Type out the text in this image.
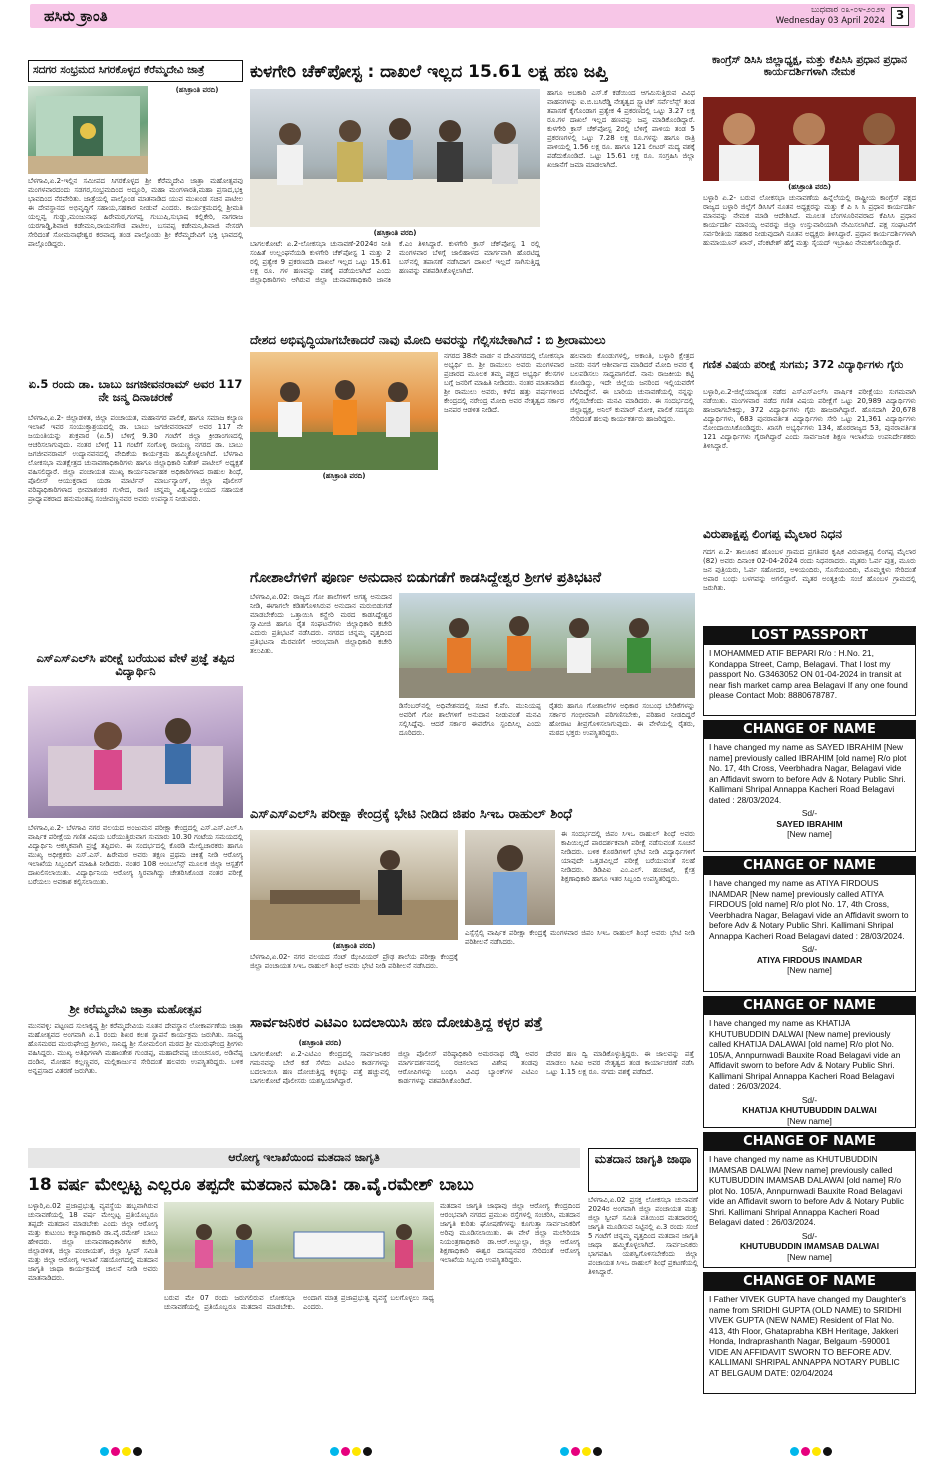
ಹಸಿರು ಕ್ರಾಂತಿ	ಬುಧವಾರ ೦೩-೦೪-೨೦೨೪
Wednesday 03 April 2024 3
ಸದಗರ ಸಂಭ್ರಮದ ಸಿಗರಕೊಳ್ಳದ ಕೆರೆಮ್ಮದೇವಿ ಜಾತ್ರೆ
(ಹಸಿಕ್ರಾಂತಿ ವರದಿ)
ಬೆಳಗಾವಿ,ಏ.2-ಇಲ್ಲಿನ ಸಮೀಪದ ಸಿಗರಕೊಳ್ಳದ ಶ್ರೀ ಕೆರೆಮ್ಮದೇವಿ ಜಾತ್ರಾ ಮಹೋತ್ಸವವು ಮಂಗಳವಾರದಂದು ಸಡಗರ,ಸಂಭ್ರಮದಿಂದ ಅದ್ದೂರಿ, ಮಹಾ ಮಂಗಳಾರತಿ,ಮಹಾ ಪ್ರಸಾದ,ಭಕ್ತಿ ಭಾವದಿಂದ ನೆರವೇರಿತು. ಜಾತ್ರೆಯಲ್ಲಿ ಪಾಲ್ಗೊಂಡ ಮಾತನಾಡಿದ ಯುವ ಮುಖಂಡ ಸಚಿನ ಪಾಟೀಲ ಈ ದೇವಸ್ಥಾನದ ಅಭಿವೃದ್ಧಿಗೆ ಸಹಾಯ,ಸಹಕಾರ ನೀಡುವೆ ಎಂದರು. ಕಾರ್ಯಕ್ರಮದಲ್ಲಿ ಶ್ರೀಮತಿ ಯಲ್ಲವ್ವ ಗುಡ್ಡು,ಮಂಜುನಾಥ ಹಿರೇಮಠ,ಗಂಗವ್ವ ಗುಬುಷಿ,ಸುಭಾಷ ಕಲ್ಲಿಕೇರಿ, ನಾಗರಾಜ ಯರಗಾಡ್ಡಿ,ಶಿವಾಜಿ ಕಡೇಮನಿ,ರಾಯನಗೌಡ ಪಾಟೀಲ, ಬಸವಪ್ಪ ಕಡೇಮನಿ,ಶಿವಾಜಿ ನೇಸರಗಿ ಸೇರಿದಂತೆ ಸೋಮನಾಥೇಶ್ವರ ಕರವಾದ್ಯ ತಂಡ ಪಾಲ್ಗೊಂಡು ಶ್ರೀ ಕೆರೆಮ್ಮದೇವಿಗೆ ಭಕ್ತಿ ಭಾವದಲ್ಲಿ ಪಾಲ್ಗೊಂಡಿದ್ದರು.
ಏ.5 ರಂದು ಡಾ. ಬಾಬು ಜಗಜೀವನರಾಮ್ ಅವರ 117 ನೇ ಜನ್ಮ ದಿನಾಚರಣೆ
ಬೆಳಗಾವಿ,ಏ.2- ಜಿಲ್ಲಾಡಳಿತ, ಜಿಲ್ಲಾ ಪಂಚಾಯತ, ಮಹಾನಗರ ಪಾಲಿಕೆ, ಹಾಗೂ ಸಮಾಜ ಕಲ್ಯಾಣ ಇಲಾಖೆ ಇವರ ಸಂಯುಕ್ತಾಶ್ರಯದಲ್ಲಿ ಡಾ. ಬಾಬು ಜಗಜೀವನರಾಮ್ ಅವರ 117 ನೇ ಜಯಂತಿಯನ್ನು ಶುಕ್ರವಾರ (ಏ.5) ಬೆಳಿಗ್ಗೆ 9.30 ಗಂಟೆಗೆ ಜಿಲ್ಲಾ ಕ್ರೀಡಾಂಗಣದಲ್ಲಿ ಆಚರಿಸಲಾಗುವುದು. ನಂತರ ಬೆಳಿಗ್ಗೆ 11 ಗಂಟೆಗೆ ಸಂಗೊಳ್ಳಿ ರಾಯಣ್ಣ ನಗರದ ಡಾ. ಬಾಬು ಜಗಜೀವನರಾಮ್ ಉದ್ಯಾನವನದಲ್ಲಿ ವೇದಿಕೆಯ ಕಾರ್ಯಕ್ರಮ ಹಮ್ಮಿಕೊಳ್ಳಲಾಗಿದೆ. ಬೆಳಗಾವಿ ಲೋಕಸಭಾ ಮತಕ್ಷೇತ್ರದ ಚುನಾವಣಾಧಿಕಾರಿಗಳು ಹಾಗೂ ಜಿಲ್ಲಾಧಿಕಾರಿ ನಿತೇಶ್ ಪಾಟೀಲ್ ಅಧ್ಯಕ್ಷತೆ ವಹಿಸಲಿದ್ದಾರೆ. ಜಿಲ್ಲಾ ಪಂಚಾಯತ ಮುಖ್ಯ ಕಾರ್ಯನಿರ್ವಾಹಕ ಅಧಿಕಾರಿಗಳಾದ ರಾಹುಲ ಶಿಂಧೆ, ಪೊಲೀಸ್ ಆಯುಕ್ತರಾದ ಯಡಾ ಮಾರ್ಟಿನ್ ಮಾರ್ಬನ್ಯಾಂಗ್, ಜಿಲ್ಲಾ ಪೊಲೀಸ್ ವರಿಷ್ಠಾಧಿಕಾರಿಗಳಾದ ಭೀಮಾಶಂಕರ ಗುಳೇದ, ರಾಣಿ ಚನ್ನಮ್ಮ ವಿಶ್ವವಿದ್ಯಾಲಯದ ಸಹಾಯಕ ಪ್ರಾಧ್ಯಾಪಕರಾದ ಹನುಮಂತಪ್ಪ ಸಂಜೀವಣ್ಣನವರ ಅವರು ಉಪನ್ಯಾಸ ನೀಡುವರು.
ಎಸ್‌ಎಸ್‌ಎಲ್‌ಸಿ ಪರೀಕ್ಷೆ ಬರೆಯುವ ವೇಳೆ ಪ್ರಜ್ಞೆ ತಪ್ಪಿದ ವಿದ್ಯಾರ್ಥಿನಿ
ಬೆಳಗಾವಿ,ಏ.2- ಬೆಳಗಾವಿ ನಗರ ವಲಯದ ಅಂಜುಮನ ಪರೀಕ್ಷಾ ಕೇಂದ್ರದಲ್ಲಿ ಎಸ್.ಎಸ್.ಎಲ್.ಸಿ ವಾರ್ಷಿಕ ಪರೀಕ್ಷೆಯ ಗಣಿತ ವಿಷಯ ಬರೆಯುತ್ತಿರುವಾಗ ಸುಮಾರು 10.30 ಗಂಟೆಯ ಸಮಯದಲ್ಲಿ ವಿದ್ಯಾರ್ಥಿನಿ ಆಕಸ್ಮಿಕವಾಗಿ ಪ್ರಜ್ಞೆ ತಪ್ಪಿದಳು. ಈ ಸಂದರ್ಭದಲ್ಲಿ ಕೊಠಡಿ ಮೇಲ್ವಿಚಾರಕರು ಹಾಗೂ ಮುಖ್ಯ ಅಧೀಕ್ಷಕರು ಎಸ್.ಎಸ್. ಹಿರೇಮಠ ಅವರು ತಕ್ಷಣ ಪ್ರಥಮ ಚಿಕಿತ್ಸೆ ನೀಡಿ ಆರೋಗ್ಯ ಇಲಾಖೆಯ ಸಿಬ್ಬಂದಿಗೆ ಮಾಹಿತಿ ನೀಡಿದರು. ನಂತರ 108 ಆಂಬುಲೆನ್ಸ್ ಮೂಲಕ ಜಿಲ್ಲಾ ಆಸ್ಪತ್ರೆಗೆ ದಾಖಲಿಸಲಾಯಿತು. ವಿದ್ಯಾರ್ಥಿನಿಯ ಆರೋಗ್ಯ ಸ್ಥಿರವಾಗಿದ್ದು ಚೇತರಿಸಿಕೊಂಡ ನಂತರ ಪರೀಕ್ಷೆ ಬರೆಯಲು ಅವಕಾಶ ಕಲ್ಪಿಸಲಾಯಿತು.
ಶ್ರೀ ಕರೆಮ್ಮದೇವಿ ಜಾತ್ರಾ ಮಹೋತ್ಸವ
ಮುನವಳ್ಳಿ: ಪಟ್ಟಣದ ಸುಲಾಕೃಷ್ಣ ಶ್ರೀ ಕರೆಮ್ಮದೇವಿಯ ನೂತನ ದೇವಸ್ಥಾನ ಲೋಕಾರ್ಪಣೆಯ ಜಾತ್ರಾ ಮಹೋತ್ಸವದ ಅಂಗವಾಗಿ ಏ.1 ರಂದು ಶಿಖರ ಕಲಶ ಸ್ಥಾಪನೆ ಕಾರ್ಯಕ್ರಮ ಜರುಗಿತು. ಸಾನಿಧ್ಯ ಹೊಸಮಠದ ಮುರುಘೇಂದ್ರ ಶ್ರೀಗಳು, ಸಾನಿಧ್ಯ ಶ್ರೀ ಸೋಮಲಿಂಗ ಮಠದ ಶ್ರೀ ಮುರುಘೇಂದ್ರ ಶ್ರೀಗಳು ವಹಿಸಿದ್ದರು. ಮುಖ್ಯ ಅತಿಥಿಗಳಾಗಿ ಮಹಾಂತೇಶ ಗುಂಡಪ್ಪ, ಮಹಾದೇವಪ್ಪ ಚುಂಚನೂರ, ಅಡಿವೆಪ್ಪ ದಂಡಿನ, ಮೋಹನ ಕಲ್ಲಣ್ಣವರ, ಮಲ್ಲಿಕಾರ್ಜುನ ಸೇರಿದಂತೆ ಹಲವರು ಉಪಸ್ಥಿತರಿದ್ದರು. ಬಳಿಕ ಅನ್ನಪ್ರಸಾದ ವಿತರಣೆ ಜರುಗಿತು.
ಕುಳಗೇರಿ ಚೆಕ್‌ಪೋಸ್ಟ : ದಾಖಲೆ ಇಲ್ಲದ 15.61 ಲಕ್ಷ ಹಣ ಜಪ್ತಿ
(ಹಸಿಕ್ರಾಂತಿ ವರದಿ)
ಬಾಗಲಕೋಟೆ: ಏ.2-ಲೋಕಸಭಾ ಚುನಾವಣೆ-2024ರ ನೀತಿ ಸಂಹಿತೆ ಉಲ್ಲಂಘನೆಯಡಿ ಕುಳಗೇರಿ ಚೆಕ್‌ಪೋಸ್ಟ 1 ಮತ್ತು 2 ರಲ್ಲಿ ಪ್ರತ್ಯೇಕ 9 ಪ್ರಕರಣದಡಿ ದಾಖಲೆ ಇಲ್ಲದ ಒಟ್ಟು 15.61 ಲಕ್ಷ ರೂ. ಗಳ ಹಣವನ್ನು ವಶಕ್ಕೆ ಪಡೆಯಲಾಗಿದೆ ಎಂದು ಜಿಲ್ಲಾಧಿಕಾರಿಗಳು ಆಗಿರುವ ಜಿಲ್ಲಾ ಚುನಾವಣಾಧಿಕಾರಿ ಜಾನಕಿ ಕೆ.ಎಂ ತಿಳಿಸಿದ್ದಾರೆ. ಕುಳಗೇರಿ ಕ್ರಾಸ್ ಚೆಕ್‌ಪೋಸ್ಟ 1 ರಲ್ಲಿ ಮಂಗಳವಾರ ಬೆಳಿಗ್ಗೆ ಜಾಲಿಹಾಳದ ಮಾರ್ಗವಾಗಿ ಹೊರಟಿದ್ದ ಬಸ್‌ನಲ್ಲಿ ತಪಾಸಣೆ ನಡೆಸಿದಾಗ ದಾಖಲೆ ಇಲ್ಲದೆ ಸಾಗಿಸುತ್ತಿದ್ದ ಹಣವನ್ನು ವಶಪಡಿಸಿಕೊಳ್ಳಲಾಗಿದೆ.
ಹಾಗೂ ಅಬಕಾರಿ ಎಸ್.ಕೆ ಕಡೆಯಿಂದ ಆಗಮಿಸುತ್ತಿರುವ ವಿವಿಧ ವಾಹನಗಳನ್ನು ಐ.ಬಿ.ಬಸಿರೆಡ್ಡಿ ನೇತೃತ್ವದ ಸ್ಟ್ಯಾಟಿಕ್ ಸರ್ವೆಲೆನ್ಸ್ ತಂಡ ತಪಾಸಣೆ ಕೈಗೊಂಡಾಗ ಪ್ರತ್ಯೇಕ 4 ಪ್ರಕರಣದಲ್ಲಿ ಒಟ್ಟು 3.27 ಲಕ್ಷ ರೂ.ಗಳ ದಾಖಲೆ ಇಲ್ಲದ ಹಣವನ್ನು ಜಪ್ತ ಮಾಡಿಕೊಂಡಿದ್ದಾರೆ. ಕುಳಗೇರಿ ಕ್ರಾಸ್ ಚೆಕ್‌ಪೋಸ್ಟ 2ರಲ್ಲಿ ಬೆಳಿಗ್ಗೆ ಪಾಳಿಯ ತಂಡ 5 ಪ್ರಕರಣಗಳಲ್ಲಿ ಒಟ್ಟು 7.28 ಲಕ್ಷ ರೂ.ಗಳನ್ನು ಹಾಗೂ ರಾತ್ರಿ ಪಾಳಿಯಲ್ಲಿ 1.56 ಲಕ್ಷ ರೂ. ಹಾಗೂ 121 ಲೀಟರ್ ಮದ್ಯ ವಶಕ್ಕೆ ಪಡೆದುಕೊಂಡಿದೆ. ಒಟ್ಟು 15.61 ಲಕ್ಷ ರೂ. ಸಂಗ್ರಹಿಸಿ ಜಿಲ್ಲಾ ಖಜಾನೆಗೆ ಜಮಾ ಮಾಡಲಾಗಿದೆ.
ದೇಶದ ಅಭಿವೃದ್ಧಿಯಾಗಬೇಕಾದರೆ ನಾವು ಮೋದಿ ಅವರನ್ನು ಗೆಲ್ಲಿಸಬೇಕಾಗಿದೆ : ಬಿ ಶ್ರೀರಾಮುಲು
(ಹಸಿಕ್ರಾಂತಿ ವರದಿ)
ನಗರದ 38ನೇ ವಾರ್ಡ ನ ದೇವಿನಗರದಲ್ಲಿ ಲೋಕಸಭಾ ಅಭ್ಯರ್ಥಿ ಬಿ. ಶ್ರೀ ರಾಮುಲು ಅವರು ಮಂಗಳವಾರ ಪ್ರಚಾರದ ಮೂಲಕ ತಮ್ಮ ಪಕ್ಷದ ಅಭ್ಯರ್ಥಿ ಕೆಲಸಗಳ ಬಗ್ಗೆ ಜನರಿಗೆ ಮಾಹಿತಿ ನೀಡಿದರು. ನಂತರ ಮಾತನಾಡಿದ ಶ್ರೀ ರಾಮುಲು ಅವರು, ಕಳೆದ ಹತ್ತು ವರ್ಷಗಳಿಂದ ಕೇಂದ್ರದಲ್ಲಿ ನರೇಂದ್ರ ಮೋದಿ ಅವರ ನೇತೃತ್ವದ ಸರ್ಕಾರ ಜನಪರ ಆಡಳಿತ ನೀಡಿದೆ.
ಹಲವಾರು ಕೊಂಡುಗಳಲ್ಲಿ, ಅಕಾಂತಿ, ಬಳ್ಳಾರಿ ಕ್ಷೇತ್ರದ ಜನರು ನನಗೆ ಆಶೀರ್ವಾದ ಮಾಡಿದರೆ ಮೋದಿ ಅವರ ಕೈ ಬಲಪಡಿಸಲು ಸಾಧ್ಯವಾಗಲಿದೆ. ನಾನು ರಾಜಕೀಯ ಕಟ್ಟಿ ಕೊಂಡಿದ್ದು, ಇದೇ ಜಿಲ್ಲೆಯ ಜನರಿಂದ ಇಲ್ಲಿಯವರೆಗೆ ಬೆಳೆದಿದ್ದೇನೆ. ಈ ಬಾರಿಯ ಚುನಾವಣೆಯಲ್ಲಿ ನನ್ನನ್ನು ಗೆಲ್ಲಿಸಬೇಕೆಂದು ಮನವಿ ಮಾಡಿದರು. ಈ ಸಂದರ್ಭದಲ್ಲಿ ಜಿಲ್ಲಾಧ್ಯಕ್ಷ, ಅನಿಲ್ ಕುಮಾರ್ ಮೋಕ, ಪಾಲಿಕೆ ಸದಸ್ಯರು ಸೇರಿದಂತೆ ಹಲವು ಕಾರ್ಯಕರ್ತರು ಹಾಜರಿದ್ದರು.
ಗೋಶಾಲೆಗಳಿಗೆ ಪೂರ್ಣ ಅನುದಾನ ಬಿಡುಗಡೆಗೆ ಕಾಡಸಿದ್ದೇಶ್ವರ ಶ್ರೀಗಳ ಪ್ರತಿಭಟನೆ
ಬೆಳಗಾವಿ,ಏ.02: ರಾಜ್ಯದ ಗೋ ಶಾಲೆಗಳಿಗೆ ಅಗತ್ಯ ಅನುದಾನ ನೀಡಿ, ಈಗಾಗಲೇ ಕಡಿತಗೊಳಿಸಿರುವ ಅನುದಾನ ಮರುಬಿಡುಗಡೆ ಮಾಡಬೇಕೆಂದು ಒತ್ತಾಯಿಸಿ ಕನ್ಹೇರಿ ಮಠದ ಕಾಡಸಿದ್ದೇಶ್ವರ ಸ್ವಾಮೀಜಿ ಹಾಗೂ ರೈತ ಸಂಘಟನೆಗಳು ಜಿಲ್ಲಾಧಿಕಾರಿ ಕಚೇರಿ ಎದುರು ಪ್ರತಿಭಟನೆ ನಡೆಸಿದರು. ನಗರದ ಚನ್ನಮ್ಮ ವೃತ್ತದಿಂದ ಪ್ರತಿಭಟನಾ ಮೆರವಣಿಗೆ ಆರಂಭವಾಗಿ ಜಿಲ್ಲಾಧಿಕಾರಿ ಕಚೇರಿ ತಲುಪಿತು.
ಡಿಸೆಂಬರ್‌ನಲ್ಲಿ ಅಧಿವೇಶನದಲ್ಲಿ ಸಚಿವ ಕೆ.ವೆಂ. ಮುನಿಯಪ್ಪ ಅವರಿಗೆ ಗೋ ಶಾಲೆಗಳಿಗೆ ಅನುದಾನ ನೀಡುವಂತೆ ಮನವಿ ಸಲ್ಲಿಸಿದ್ದೆವು. ಆದರೆ ಸರ್ಕಾರ ಈವರೆಗೂ ಸ್ಪಂದಿಸಿಲ್ಲ ಎಂದು ದೂರಿದರು.
ರೈತರು ಹಾಗೂ ಗೋಶಾಲೆಗಳ ಅಧಿಕಾರ ಸಂಬಂಧ ಬೇಡಿಕೆಗಳನ್ನು ಸರ್ಕಾರ ಗಂಭೀರವಾಗಿ ಪರಿಗಣಿಸಬೇಕು, ಪರಿಹಾರ ನೀಡದಿದ್ದರೆ ಹೋರಾಟ ತೀವ್ರಗೊಳಿಸಲಾಗುವುದು. ಈ ವೇಳೆಯಲ್ಲಿ ರೈತರು, ಮಠದ ಭಕ್ತರು ಉಪಸ್ಥಿತರಿದ್ದರು.
ಎಸ್‌ಎಸ್‌ಎಲ್‌ಸಿ ಪರೀಕ್ಷಾ ಕೇಂದ್ರಕ್ಕೆ ಭೇಟಿ ನೀಡಿದ ಜಿಪಂ ಸಿಇಒ ರಾಹುಲ್ ಶಿಂಧೆ
(ಹಸಿಕ್ರಾಂತಿ ವರದಿ)
ಬೆಳಗಾವಿ,ಏ.02- ನಗರ ವಲಯದ ಸೆಂಟ್ ಝೇವಿಯರ್ ಪ್ರೌಢ ಶಾಲೆಯ ಪರೀಕ್ಷಾ ಕೇಂದ್ರಕ್ಕೆ ಜಿಲ್ಲಾ ಪಂಚಾಯತ ಸಿಇಒ ರಾಹುಲ್ ಶಿಂಧೆ ಅವರು ಭೇಟಿ ನೀಡಿ ಪರಿಶೀಲನೆ ನಡೆಸಿದರು.
ಈ ಸಂದರ್ಭದಲ್ಲಿ ಜಿಪಂ ಸಿಇಒ ರಾಹುಲ್ ಶಿಂಧೆ ಅವರು ಕಾಪಿಯಿಲ್ಲದೆ ಪಾರದರ್ಶಕವಾಗಿ ಪರೀಕ್ಷೆ ನಡೆಸುವಂತೆ ಸೂಚನೆ ನೀಡಿದರು. ಬಳಿಕ ಕೊಠಡಿಗಳಿಗೆ ಭೇಟಿ ನೀಡಿ ವಿದ್ಯಾರ್ಥಿಗಳಿಗೆ ಯಾವುದೇ ಒತ್ತಡವಿಲ್ಲದೆ ಪರೀಕ್ಷೆ ಬರೆಯುವಂತೆ ಸಲಹೆ ನೀಡಿದರು. ಡಿಡಿಪಿಐ ಎಂ.ಎಲ್. ಹಂಚಾಟೆ, ಕ್ಷೇತ್ರ ಶಿಕ್ಷಣಾಧಿಕಾರಿ ಹಾಗೂ ಇತರ ಸಿಬ್ಬಂದಿ ಉಪಸ್ಥಿತರಿದ್ದರು.
ಎಸ್ಸೆಸ್ಸೆಲ್ಸಿ ವಾರ್ಷಿಕ ಪರೀಕ್ಷಾ ಕೇಂದ್ರಕ್ಕೆ ಮಂಗಳವಾರ ಜಿಪಂ ಸಿಇಒ ರಾಹುಲ್ ಶಿಂಧೆ ಅವರು ಭೇಟಿ ನೀಡಿ ಪರಿಶೀಲನೆ ನಡೆಸಿದರು.
ಸಾರ್ವಜನಿಕರ ಎಟಿಎಂ ಬದಲಾಯಿಸಿ ಹಣ ದೋಚುತ್ತಿದ್ದ ಕಳ್ಳರ ಪತ್ತೆ
(ಹಸಿಕ್ರಾಂತಿ ವರದಿ)
ಬಾಗಲಕೋಟೆ: ಏ.2-ಎಟಿಎಂ ಕೇಂದ್ರದಲ್ಲಿ ಸಾರ್ವಜನಿಕರ ಗಮನವನ್ನು ಬೇರೆ ಕಡೆ ಸೆಳೆದು ಎಟಿಎಂ ಕಾರ್ಡಗಳನ್ನು ಬದಲಾಯಿಸಿ ಹಣ ದೋಚುತ್ತಿದ್ದ ಕಳ್ಳರನ್ನು ಪತ್ತೆ ಹಚ್ಚುವಲ್ಲಿ ಬಾಗಲಕೋಟೆ ಪೊಲೀಸರು ಯಶಸ್ವಿಯಾಗಿದ್ದಾರೆ.
ಜಿಲ್ಲಾ ಪೊಲೀಸ್ ವರಿಷ್ಠಾಧಿಕಾರಿ ಅಮರನಾಥ ರೆಡ್ಡಿ ಅವರ ಮಾರ್ಗದರ್ಶನದಲ್ಲಿ ರಚಿಸಲಾದ ವಿಶೇಷ ತಂಡವು ಆರೋಪಿಗಳನ್ನು ಬಂಧಿಸಿ ವಿವಿಧ ಬ್ಯಾಂಕ್‌ಗಳ ಎಟಿಎಂ ಕಾರ್ಡಗಳನ್ನು ವಶಪಡಿಸಿಕೊಂಡಿದೆ.
ದೇವರ ಹಣ ದ್ವಿ ಮಾಡಿಕೊಳ್ಳುತ್ತಿದ್ದರು. ಈ ಜಾಲವನ್ನು ಪತ್ತೆ ಮಾಡಲು ಸಿಪಿಐ ಅವರ ನೇತೃತ್ವದ ತಂಡ ಕಾರ್ಯಾಚರಣೆ ನಡೆಸಿ ಒಟ್ಟು 1.15 ಲಕ್ಷ ರೂ. ನಗದು ವಶಕ್ಕೆ ಪಡೆದಿದೆ.
ಆರೋಗ್ಯ ಇಲಾಖೆಯಿಂದ ಮತದಾನ ಜಾಗೃತಿ
18 ವರ್ಷ ಮೇಲ್ಪಟ್ಟ ಎಲ್ಲರೂ ತಪ್ಪದೇ ಮತದಾನ ಮಾಡಿ: ಡಾ.ವೈ.ರಮೇಶ್ ಬಾಬು
ಬಳ್ಳಾರಿ,ಏ.02 ಪ್ರಜಾಪ್ರಭುತ್ವ ವ್ಯವಸ್ಥೆಯ ಹಬ್ಬವಾಗಿರುವ ಚುನಾವಣೆಯಲ್ಲಿ 18 ವರ್ಷ ಮೇಲ್ಪಟ್ಟ ಪ್ರತಿಯೊಬ್ಬರೂ ತಪ್ಪದೇ ಮತದಾನ ಮಾಡಬೇಕು ಎಂದು ಜಿಲ್ಲಾ ಆರೋಗ್ಯ ಮತ್ತು ಕುಟುಂಬ ಕಲ್ಯಾಣಾಧಿಕಾರಿ ಡಾ.ವೈ.ರಮೇಶ್ ಬಾಬು ಹೇಳಿದರು. ಜಿಲ್ಲಾ ಚುನಾವಣಾಧಿಕಾರಿಗಳ ಕಚೇರಿ, ಜಿಲ್ಲಾಡಳಿತ, ಜಿಲ್ಲಾ ಪಂಚಾಯತ್, ಜಿಲ್ಲಾ ಸ್ವೀಪ್ ಸಮಿತಿ ಮತ್ತು ಜಿಲ್ಲಾ ಆರೋಗ್ಯ ಇಲಾಖೆ ಸಹಯೋಗದಲ್ಲಿ ಮತದಾನ ಜಾಗೃತಿ ಜಾಥಾ ಕಾರ್ಯಕ್ರಮಕ್ಕೆ ಚಾಲನೆ ನೀಡಿ ಅವರು ಮಾತನಾಡಿದರು.
ಬರುವ ಮೇ 07 ರಂದು ಜರುಗಲಿರುವ ಲೋಕಸಭಾ ಚುನಾವಣೆಯಲ್ಲಿ ಪ್ರತಿಯೊಬ್ಬರೂ ಮತದಾನ ಮಾಡಬೇಕು. ಅಂದಾಗ ಮಾತ್ರ ಪ್ರಜಾಪ್ರಭುತ್ವ ವ್ಯವಸ್ಥೆ ಬಲಗೊಳ್ಳಲು ಸಾಧ್ಯ ಎಂದರು.
ಮತದಾನ ಜಾಗೃತಿ ಜಾಥಾವು ಜಿಲ್ಲಾ ಆರೋಗ್ಯ ಕೇಂದ್ರದಿಂದ ಆರಂಭವಾಗಿ ನಗರದ ಪ್ರಮುಖ ರಸ್ತೆಗಳಲ್ಲಿ ಸಂಚರಿಸಿ, ಮತದಾನ ಜಾಗೃತಿ ಕುರಿತು ಘೋಷಣೆಗಳನ್ನು ಕೂಗುತ್ತಾ ಸಾರ್ವಜನಿಕರಿಗೆ ಅರಿವು ಮೂಡಿಸಲಾಯಿತು. ಈ ವೇಳೆ ಜಿಲ್ಲಾ ಮಲೇರಿಯಾ ನಿಯಂತ್ರಣಾಧಿಕಾರಿ ಡಾ.ಆರ್.ಅಬ್ದುಲ್ಲಾ, ಜಿಲ್ಲಾ ಆರೋಗ್ಯ ಶಿಕ್ಷಣಾಧಿಕಾರಿ ಈಶ್ವರ ದಾಸಪ್ಪನವರ ಸೇರಿದಂತೆ ಆರೋಗ್ಯ ಇಲಾಖೆಯ ಸಿಬ್ಬಂದಿ ಉಪಸ್ಥಿತರಿದ್ದರು.
ಮತದಾನ ಜಾಗೃತಿ ಜಾಥಾ
ಬೆಳಗಾವಿ,ಏ.02 ಪ್ರಸಕ್ತ ಲೋಕಸಭಾ ಚುನಾವಣೆ 2024ರ ಅಂಗವಾಗಿ ಜಿಲ್ಲಾ ಪಂಚಾಯತ ಮತ್ತು ಜಿಲ್ಲಾ ಸ್ವೀಪ್ ಸಮಿತಿ ವತಿಯಿಂದ ಮತದಾರರಲ್ಲಿ ಜಾಗೃತಿ ಮೂಡಿಸುವ ನಿಟ್ಟಿನಲ್ಲಿ ಏ.3 ರಂದು ಸಂಜೆ 5 ಗಂಟೆಗೆ ಚನ್ನಮ್ಮ ವೃತ್ತದಿಂದ ಮತದಾನ ಜಾಗೃತಿ ಜಾಥಾ ಹಮ್ಮಿಕೊಳ್ಳಲಾಗಿದೆ. ಸಾರ್ವಜನಿಕರು ಭಾಗವಹಿಸಿ ಯಶಸ್ವಿಗೊಳಿಸಬೇಕೆಂದು ಜಿಲ್ಲಾ ಪಂಚಾಯತ ಸಿಇಒ ರಾಹುಲ್ ಶಿಂಧೆ ಪ್ರಕಟಣೆಯಲ್ಲಿ ತಿಳಿಸಿದ್ದಾರೆ.
ಕಾಂಗ್ರೆಸ್ ಡಿಸಿಸಿ ಜಿಲ್ಲಾಧ್ಯಕ್ಷ, ಮತ್ತು ಕೆಪಿಸಿಸಿ ಪ್ರಧಾನ ಪ್ರಧಾನ ಕಾರ್ಯದರ್ಶಿಗಳಾಗಿ ನೇಮಕ
(ಹಸಿಕ್ರಾಂತಿ ವರದಿ)
ಬಳ್ಳಾರಿ ಏ.2- ಬರುವ ಲೋಕಸಭಾ ಚುನಾವಣೆಯ ಹಿನ್ನೆಲೆಯಲ್ಲಿ ರಾಷ್ಟ್ರೀಯ ಕಾಂಗ್ರೆಸ್ ಪಕ್ಷದ ರಾಜ್ಯದ ಬಳ್ಳಾರಿ ಜಿಲ್ಲೆಗೆ ಡಿಸಿಸಿಗೆ ನೂತನ ಅಧ್ಯಕ್ಷರನ್ನು ಮತ್ತು ಕೆ ಪಿ ಸಿ ಸಿ ಪ್ರಧಾನ ಕಾರ್ಯದರ್ಶಿ ಮಾನವನ್ನು ನೇಮಕ ಮಾಡಿ ಆದೇಶಿಸಿದೆ. ಮೂಲತ ಬೆಂಗಳೂರಿನವರಾದ ಕೆಪಿಸಿಸಿ ಪ್ರಧಾನ ಕಾರ್ಯದರ್ಶಿ ಮಾನಯ್ಯ ಅವರನ್ನು ಜಿಲ್ಲಾ ಉಸ್ತುವಾರಿಯಾಗಿ ನೇಮಿಸಲಾಗಿದೆ. ಪಕ್ಷ ಸಂಘಟನೆಗೆ ಸರ್ವರೀತಿಯ ಸಹಕಾರ ನೀಡುವುದಾಗಿ ನೂತನ ಅಧ್ಯಕ್ಷರು ತಿಳಿಸಿದ್ದಾರೆ. ಪ್ರಧಾನ ಕಾರ್ಯದರ್ಶಿಗಳಾಗಿ ಹುಮಾಯೂನ್ ಖಾನ್, ವೆಂಕಟೇಶ್ ಹೆಗ್ಡೆ ಮತ್ತು ಸೈಯದ್ ಇಬ್ರಾಹಿಂ ನೇಮಕಗೊಂಡಿದ್ದಾರೆ.
ಗಣಿತ ವಿಷಯ ಪರೀಕ್ಷೆ ಸುಗಮ; 372 ವಿದ್ಯಾರ್ಥಿಗಳು ಗೈರು
ಬಳ್ಳಾರಿ,ಏ.2-ಜಿಲ್ಲೆಯಾದ್ಯಂತ ನಡೆದ ಎಸ್‌ಎಸ್‌ಎಲ್‌ಸಿ ವಾರ್ಷಿಕ ಪರೀಕ್ಷೆಯು ಸುಗಮವಾಗಿ ನಡೆಯಿತು. ಮಂಗಳವಾರ ನಡೆದ ಗಣಿತ ವಿಷಯ ಪರೀಕ್ಷೆಗೆ ಒಟ್ಟು 20,989 ವಿದ್ಯಾರ್ಥಿಗಳು ಹಾಜರಾಗಬೇಕಿದ್ದು, 372 ವಿದ್ಯಾರ್ಥಿಗಳು ಗೈರು ಹಾಜರಾಗಿದ್ದಾರೆ. ಹೊಸದಾಗಿ 20,678 ವಿದ್ಯಾರ್ಥಿಗಳು, 683 ಪುನರಾವರ್ತಿತ ವಿದ್ಯಾರ್ಥಿಗಳು ಸೇರಿ ಒಟ್ಟು 21,361 ವಿದ್ಯಾರ್ಥಿಗಳು ನೋಂದಾಯಿಸಿಕೊಂಡಿದ್ದರು. ಖಾಸಗಿ ಅಭ್ಯರ್ಥಿಗಳು 134, ಹೊರರಾಜ್ಯದ 53, ಪುನರಾವರ್ತಿತ 121 ವಿದ್ಯಾರ್ಥಿಗಳು ಗೈರಾಗಿದ್ದಾರೆ ಎಂದು ಸಾರ್ವಜನಿಕ ಶಿಕ್ಷಣ ಇಲಾಖೆಯ ಉಪನಿರ್ದೇಶಕರು ತಿಳಿಸಿದ್ದಾರೆ.
ವಿರುಪಾಕ್ಷಪ್ಪ ಲಿಂಗಪ್ಪ ಮೈಲಾರ ನಿಧನ
ಗದಗ ಏ.2- ತಾಲೂಕಿನ ಹೊಂಬಳ ಗ್ರಾಮದ ಪ್ರಗತಿಪರ ಕೃಷಿಕ ವಿರುಪಾಕ್ಷಪ್ಪ ಲಿಂಗಪ್ಪ ಮೈಲಾರ (82) ಅವರು ದಿನಾಂಕ 02-04-2024 ರಂದು ನಿಧನರಾದರು. ಮೃತರು ಓರ್ವ ಪುತ್ರ, ಮೂರು ಜನ ಪುತ್ರಿಯರು, ಓರ್ವ ಸಹೋದರ, ಅಳಿಯಂದಿರು, ಸೊಸೆಯಂದಿರು, ಮೊಮ್ಮಕ್ಕಳು ಸೇರಿದಂತೆ ಅಪಾರ ಬಂಧು ಬಳಗವನ್ನು ಅಗಲಿದ್ದಾರೆ. ಮೃತರ ಅಂತ್ಯಕ್ರಿಯೆ ಸಂಜೆ ಹೊಂಬಳ ಗ್ರಾಮದಲ್ಲಿ ಜರುಗಿತು.
LOST PASSPORT
I MOHAMMED ATIF BEPARI R/o : H.No. 21, Kondappa Street, Camp, Belagavi. That I lost my passport No. G3463052 ON 01-04-2024 in transit at near fish market camp area Belagavi If any one found please Contact Mob: 8880678787.
CHANGE OF NAME
I have changed my name as SAYED IBRAHIM [New name] previously called IBRAHIM [old name] R/o plot No. 17, 4th Cross, Veerbhadra Nagar, Belagavi vide an Affidavit sworn to before Adv & Notary Public Shri. Kallimani Shripal Annappa Kacheri Road Belagavi dated : 28/03/2024.
Sd/-
SAYED IBRAHIM
[New name]
CHANGE OF NAME
I have changed my name as ATIYA FIRDOUS INAMDAR [New name] previously called ATIYA FIRDOUS [old name] R/o plot No. 17, 4th Cross, Veerbhadra Nagar, Belagavi vide an Affidavit sworn to before Adv & Notary Public Shri. Kallimani Shripal Annappa Kacheri Road Belagavi dated : 28/03/2024.
Sd/-
ATIYA FIRDOUS INAMDAR
[New name]
CHANGE OF NAME
I have changed my name as KHATIJA KHUTUBUDDIN DALWAI [New name] previously called KHATIJA DALAWAI [old name] R/o plot No. 105/A, Annpurnwadi Bauxite Road Belagavi vide an Affidavit sworn to before Adv & Notary Public Shri. Kallimani Shripal Annappa Kacheri Road Belagavi dated : 26/03/2024.
Sd/-
KHATIJA KHUTUBUDDIN DALWAI
[New name]
CHANGE OF NAME
I have changed my name as KHUTUBUDDIN IMAMSAB DALWAI [New name] previously called KUTUBUDDIN IMAMSAB DALAWAI [old name] R/o plot No. 105/A, Annpurnwadi Bauxite Road Belagavi vide an Affidavit sworn to before Adv & Notary Public Shri. Kallimani Shripal Annappa Kacheri Road Belagavi dated : 26/03/2024.
Sd/-
KHUTUBUDDIN IMAMSAB DALWAI
[New name]
CHANGE OF NAME
I Father VIVEK GUPTA have changed my Daughter's name from SRIDHI GUPTA (OLD NAME) to SRIDHI VIVEK GUPTA (NEW NAME) Resident of Flat No. 413, 4th Floor, Ghataprabha KBH Heritage, Jakkeri Honda, Indraprashanth Nagar, Belgaum -590001 VIDE AN AFFIDAVIT SWORN TO BEFORE ADV. KALLIMANI SHRIPAL ANNAPPA NOTARY PUBLIC AT BELGAUM DATE: 02/04/2024
